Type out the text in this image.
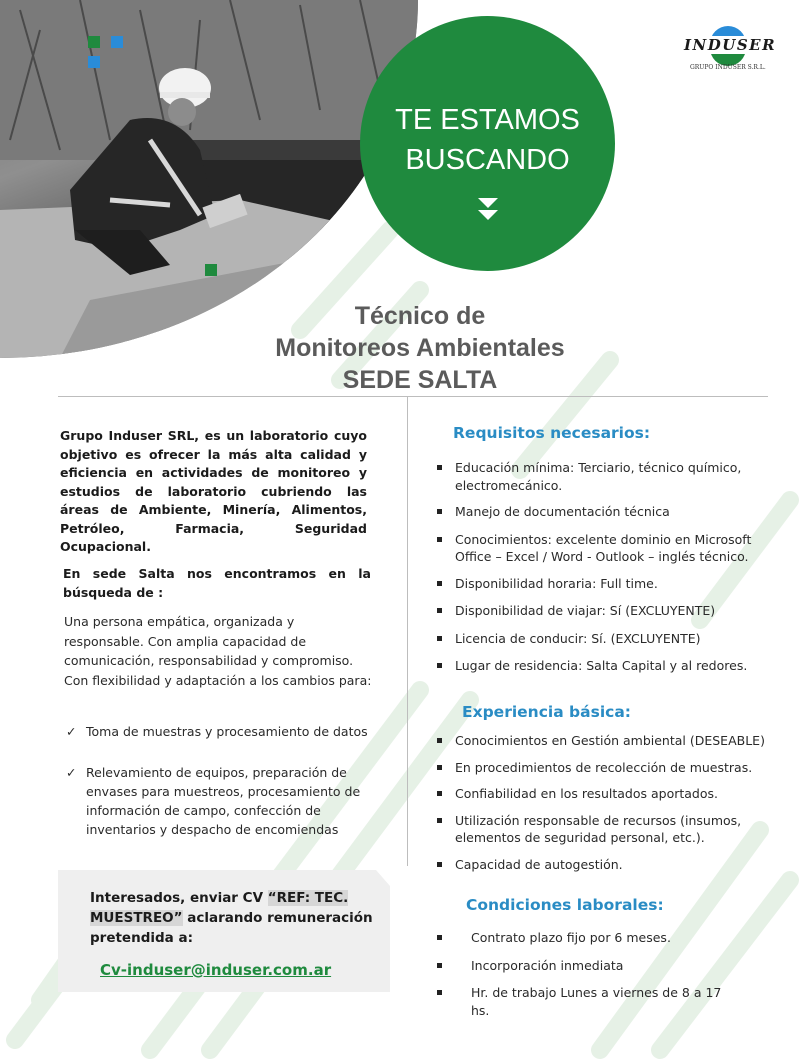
INDUSER
GRUPO INDUSER S.R.L.
TE ESTAMOS
BUSCANDO
Técnico de
Monitoreos Ambientales
SEDE SALTA
Grupo Induser SRL, es un laboratorio cuyo objetivo es ofrecer la más alta calidad y eficiencia en actividades de monitoreo y estudios de laboratorio cubriendo las áreas de Ambiente, Minería, Alimentos, Petróleo, Farmacia, Seguridad Ocupacional.
En sede Salta nos encontramos en la búsqueda de :
Una persona empática, organizada y responsable. Con amplia capacidad de comunicación, responsabilidad y compromiso. Con flexibilidad y adaptación a los cambios para:
✓ Toma de muestras y procesamiento de datos
✓ Relevamiento de equipos, preparación de envases para muestreos, procesamiento de información de campo, confección de inventarios y despacho de encomiendas
Interesados, enviar CV “REF: TEC. MUESTREO” aclarando remuneración pretendida a:
Cv-induser@induser.com.ar
Requisitos necesarios:
Educación mínima: Terciario, técnico químico, electromecánico.
Manejo de documentación técnica
Conocimientos: excelente dominio en Microsoft Office – Excel / Word - Outlook – inglés técnico.
Disponibilidad horaria: Full time.
Disponibilidad de viajar: Sí (EXCLUYENTE)
Licencia de conducir: Sí. (EXCLUYENTE)
Lugar de residencia: Salta Capital y al redores.
Experiencia básica:
Conocimientos en Gestión ambiental (DESEABLE)
En procedimientos de recolección de muestras.
Confiabilidad en los resultados aportados.
Utilización responsable de recursos (insumos, elementos de seguridad personal, etc.).
Capacidad de autogestión.
Condiciones laborales:
Contrato plazo fijo por 6 meses.
Incorporación inmediata
Hr. de trabajo Lunes a viernes de 8 a 17 hs.
